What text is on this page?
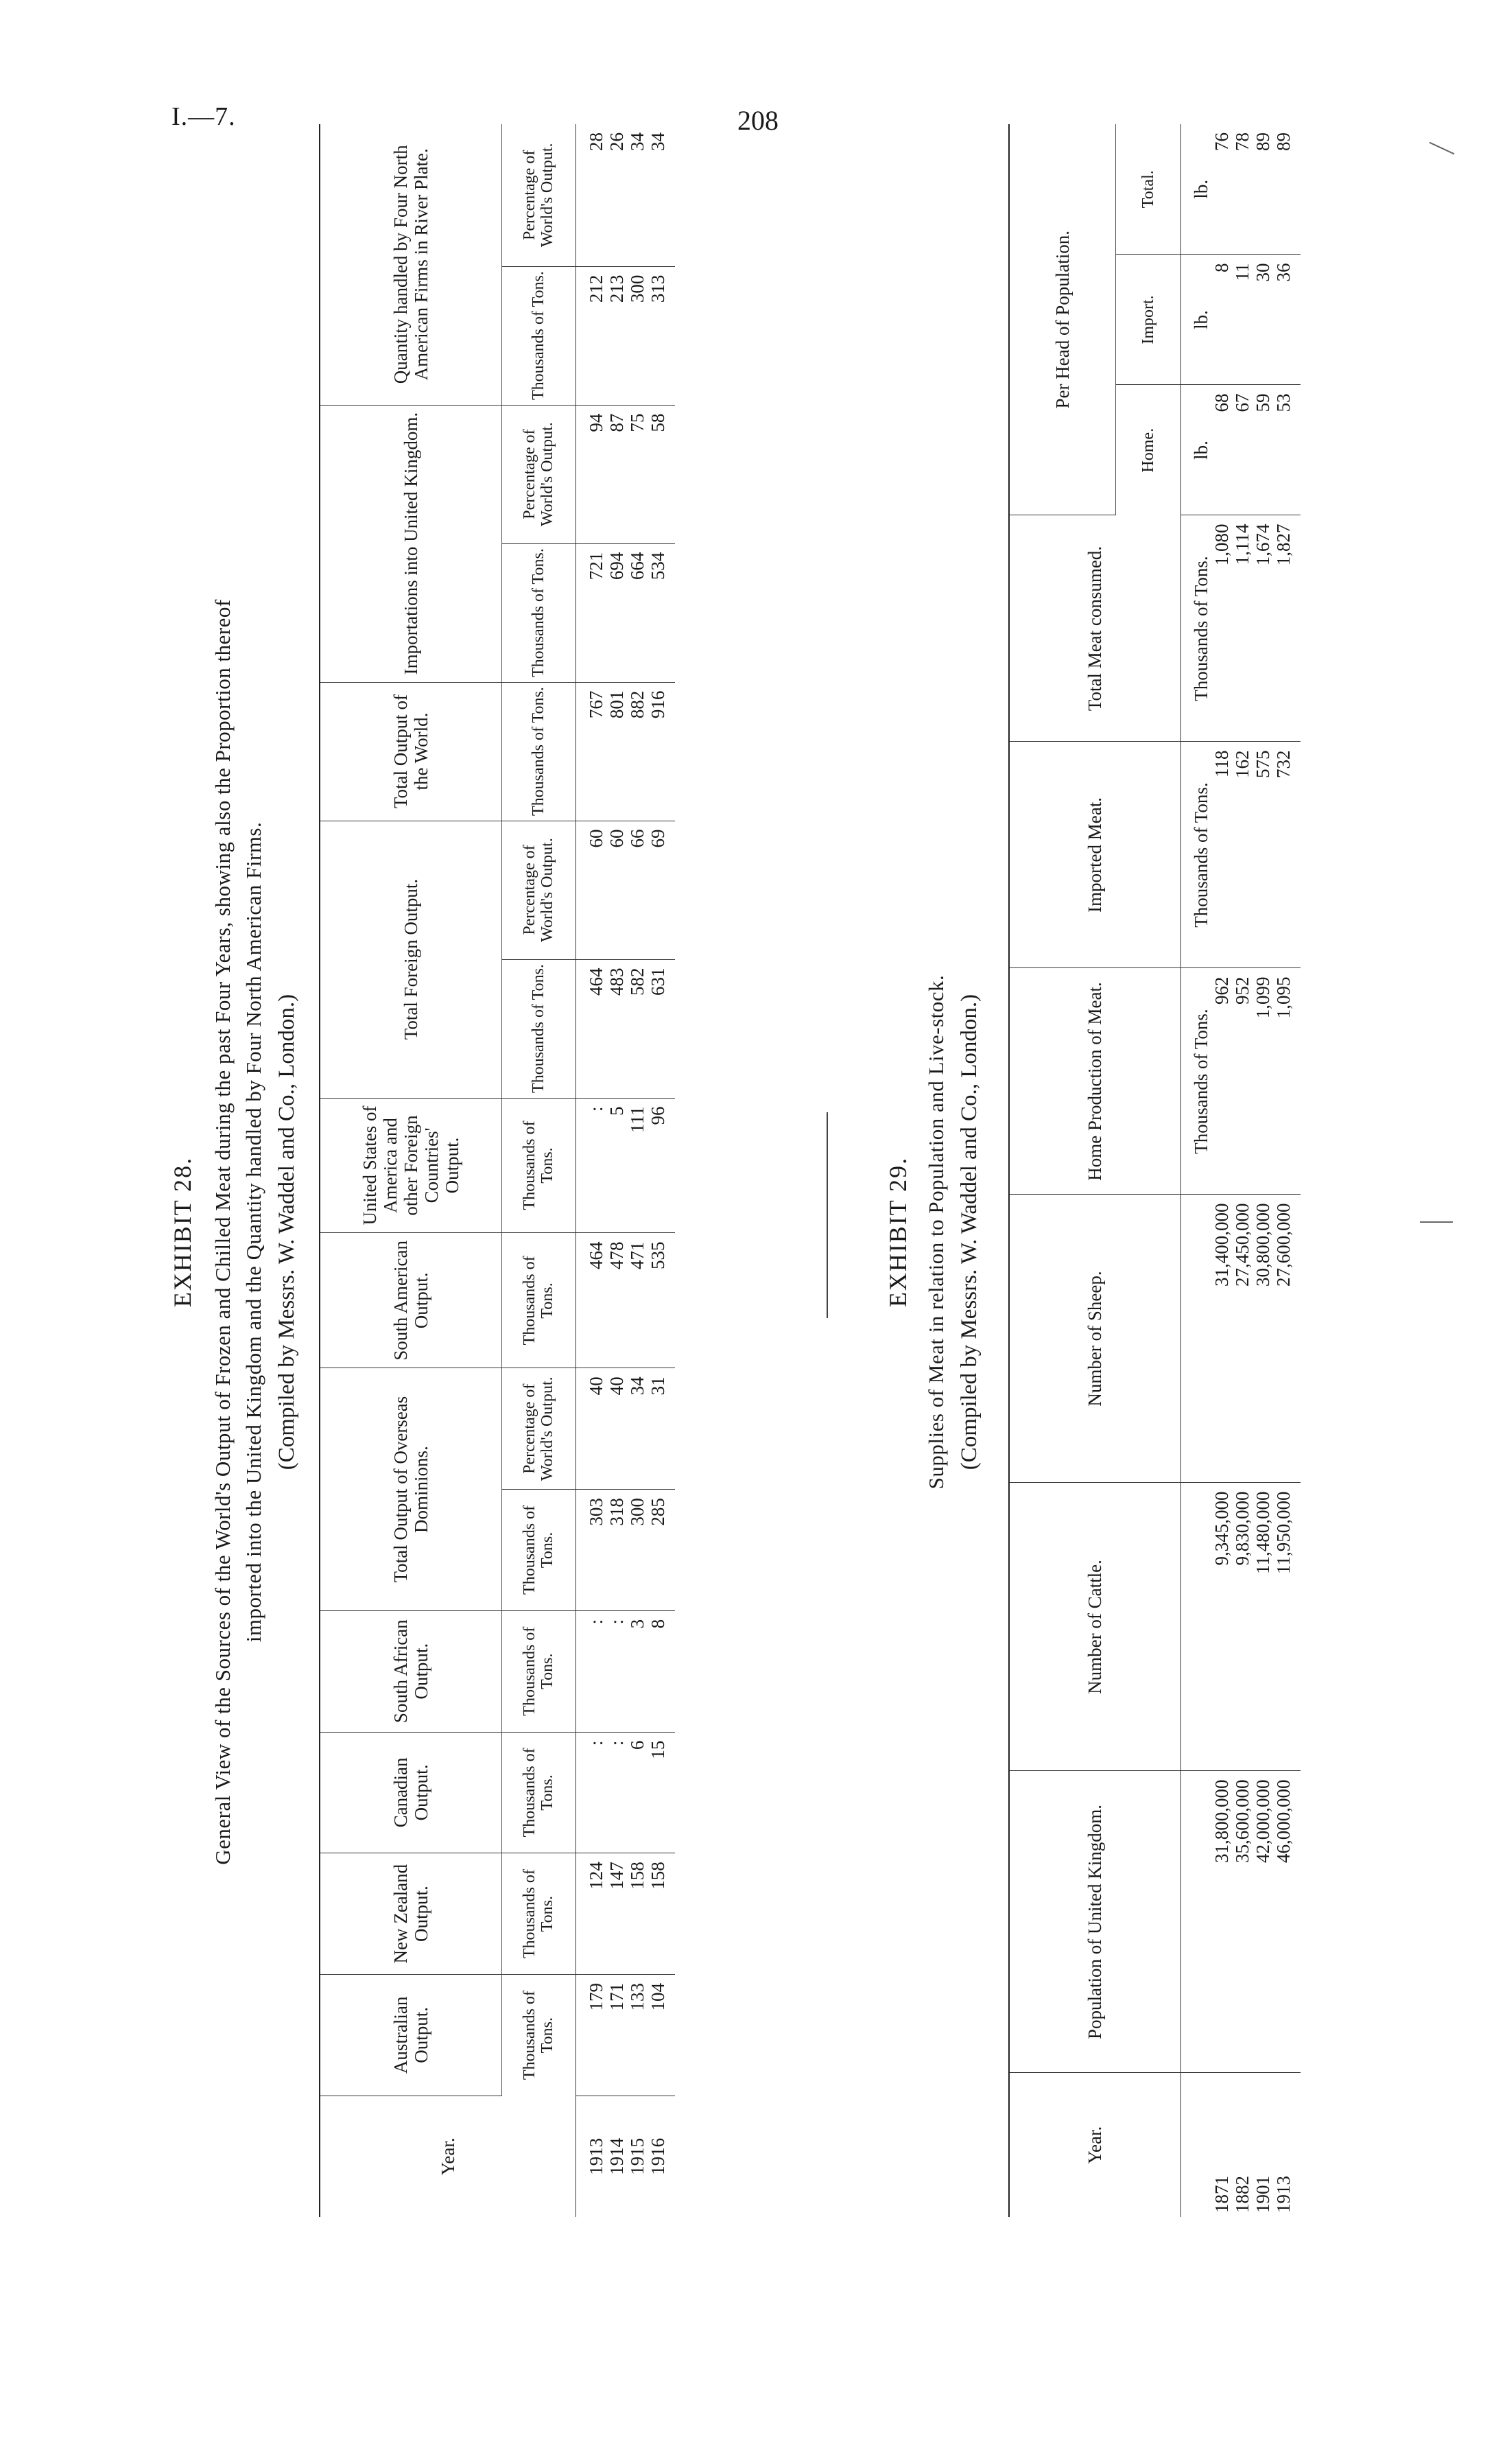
I.—7.	208
EXHIBIT 28. General View of the Sources of the World's Output of Frozen and Chilled Meat during the past Four Years, showing also the Proportion thereof imported into the United Kingdom and the Quantity handled by Four North American Firms. (Compiled by Messrs. W. Waddel and Co., London.)
Year.	Australian Output.	New Zealand Output.	Canadian Output.	South African Output.	Total Output of Overseas Dominions.		South American Output.	United States of America and other Foreign Countries' Output.	Total Foreign Output.		Total Output of the World.	Importations into United Kingdom.		Quantity handled by Four North American Firms in River Plate.	
	Thousands of Tons.	Thousands of Tons.	Thousands of Tons.	Thousands of Tons.	Thousands of Tons.	Percentage of World's Output.	Thousands of Tons.	Thousands of Tons.	Thousands of Tons.	Percentage of World's Output.	Thousands of Tons.	Thousands of Tons.	Percentage of World's Output.	Thousands of Tons.	Percentage of World's Output.
1913	179	124	:	:	303	40	464	:	464	60	767	721	94	212	28
1914	171	147	:	:	318	40	478	5	483	60	801	694	87	213	26
1915	133	158	6	3	300	34	471	111	582	66	882	664	75	300	34
1916	104	158	15	8	285	31	535	96	631	69	916	534	58	313	34
EXHIBIT 29. Supplies of Meat in relation to Population and Live-stock. (Compiled by Messrs. W. Waddel and Co., London.)
Year.	Population of United Kingdom.	Number of Cattle.	Number of Sheep.	Home Production of Meat.	Imported Meat.	Total Meat consumed.	Per Head of Population.		
							Home.	Import.	Total.
				Thousands of Tons.	Thousands of Tons.	Thousands of Tons.	lb.	lb.	lb.
1871	31,800,000	9,345,000	31,400,000	962	118	1,080	68	8	76
1882	35,600,000	9,830,000	27,450,000	952	162	1,114	67	11	78
1901	42,000,000	11,480,000	30,800,000	1,099	575	1,674	59	30	89
1913	46,000,000	11,950,000	27,600,000	1,095	732	1,827	53	36	89
